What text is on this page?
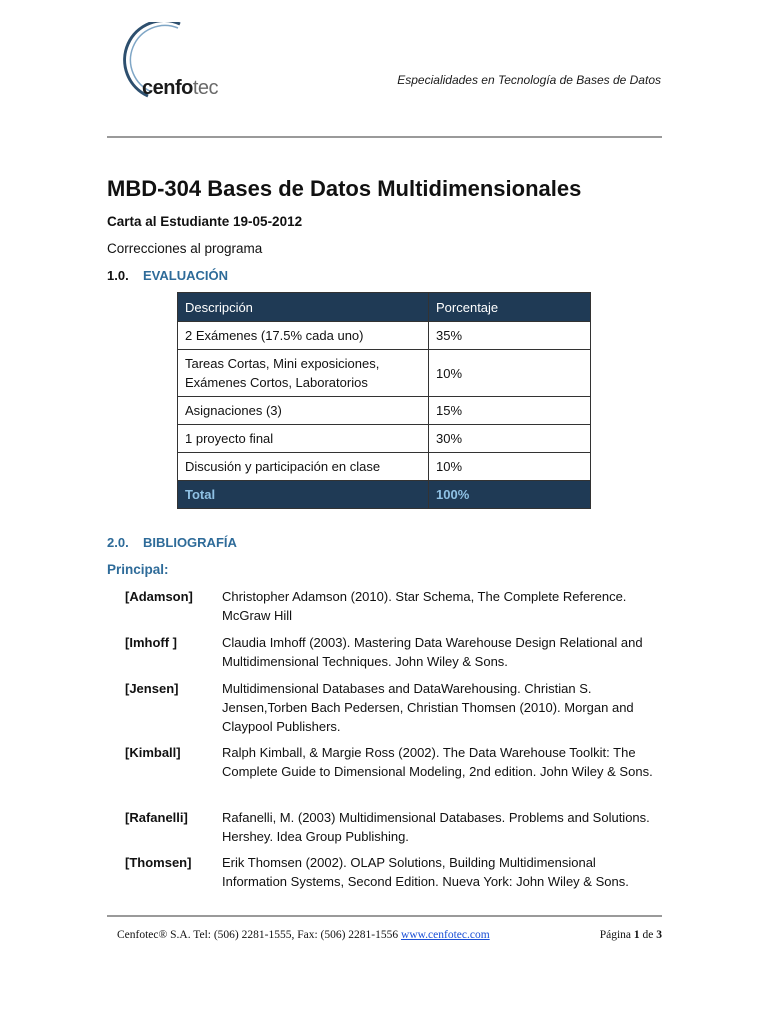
cenfotec	Especialidades en Tecnología de Bases de Datos
MBD-304 Bases de Datos Multidimensionales
Carta al Estudiante 19-05-2012
Correcciones al programa
1.0. EVALUACIÓN
Descripción	Porcentaje
2 Exámenes (17.5% cada uno)	35%
Tareas Cortas, Mini exposiciones, Exámenes Cortos, Laboratorios	10%
Asignaciones (3)	15%
1 proyecto final	30%
Discusión y participación en clase	10%
Total	100%
2.0. BIBLIOGRAFÍA
Principal:
[Adamson] Christopher Adamson (2010). Star Schema, The Complete Reference. McGraw Hill
[Imhoff ]	Claudia Imhoff (2003). Mastering Data Warehouse Design Relational and Multidimensional Techniques. John Wiley & Sons.
[Jensen]	Multidimensional Databases and DataWarehousing. Christian S. Jensen,Torben Bach Pedersen, Christian Thomsen (2010). Morgan and Claypool Publishers.
[Kimball]	Ralph Kimball, & Margie Ross (2002). The Data Warehouse Toolkit: The Complete Guide to Dimensional Modeling, 2nd edition. John Wiley & Sons.
[Rafanelli]	Rafanelli, M. (2003) Multidimensional Databases. Problems and Solutions. Hershey. Idea Group Publishing.
[Thomsen] Erik Thomsen (2002). OLAP Solutions, Building Multidimensional Information Systems, Second Edition. Nueva York: John Wiley & Sons.
Cenfotec® S.A. Tel: (506) 2281-1555, Fax: (506) 2281-1556 www.cenfotec.com	Página 1 de 3
